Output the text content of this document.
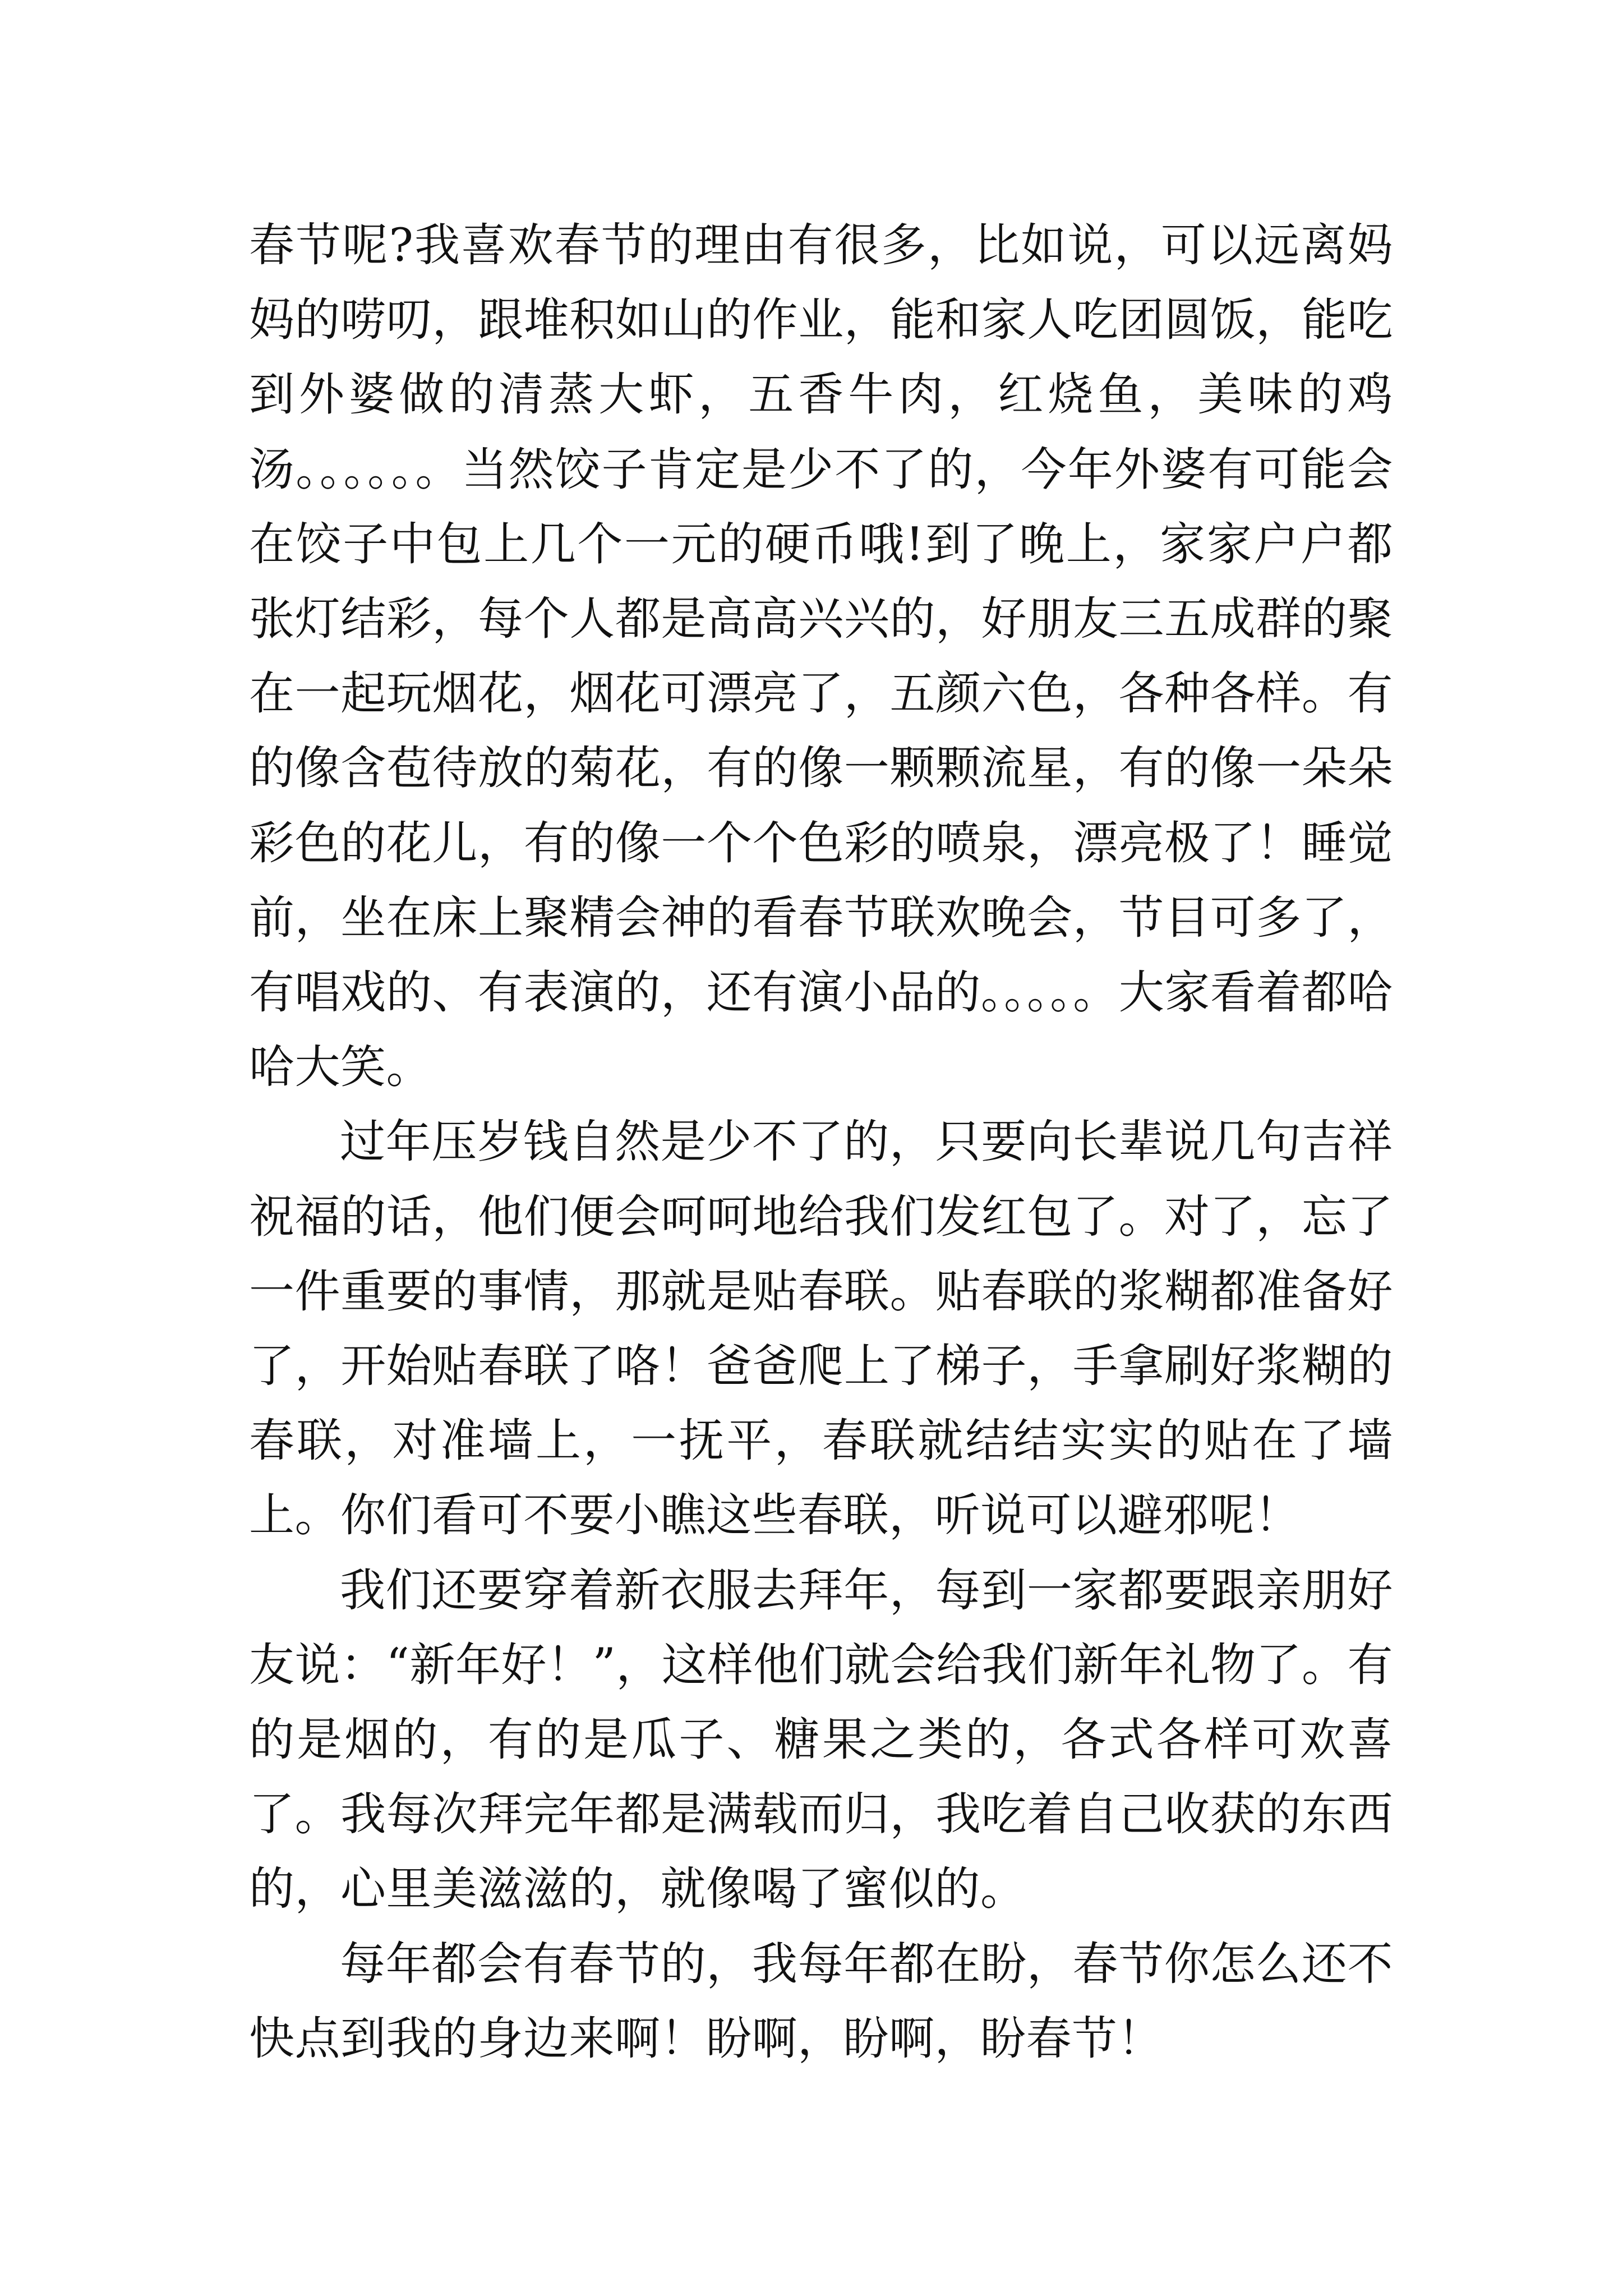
春节呢?我喜欢春节的理由有很多，比如说，可以远离妈妈的唠叨，跟堆积如山的作业，能和家人吃团圆饭，能吃到外婆做的清蒸大虾，五香牛肉，红烧鱼，美味的鸡汤。。。。。。当然饺子肯定是少不了的，今年外婆有可能会在饺子中包上几个一元的硬币哦!到了晚上，家家户户都张灯结彩，每个人都是高高兴兴的，好朋友三五成群的聚在一起玩烟花，烟花可漂亮了，五颜六色，各种各样。有的像含苞待放的菊花，有的像一颗颗流星，有的像一朵朵彩色的花儿，有的像一个个色彩的喷泉，漂亮极了！睡觉前，坐在床上聚精会神的看春节联欢晚会，节目可多了，有唱戏的、有表演的，还有演小品的。。。。。大家看着都哈哈大笑。

过年压岁钱自然是少不了的，只要向长辈说几句吉祥祝福的话，他们便会呵呵地给我们发红包了。对了，忘了一件重要的事情，那就是贴春联。贴春联的浆糊都准备好了，开始贴春联了咯！爸爸爬上了梯子，手拿刷好浆糊的春联，对准墙上，一抚平，春联就结结实实的贴在了墙上。你们看可不要小瞧这些春联，听说可以避邪呢！

我们还要穿着新衣服去拜年，每到一家都要跟亲朋好友说：“新年好！”，这样他们就会给我们新年礼物了。有的是烟的，有的是瓜子、糖果之类的，各式各样可欢喜了。我每次拜完年都是满载而归，我吃着自己收获的东西的，心里美滋滋的，就像喝了蜜似的。

每年都会有春节的，我每年都在盼，春节你怎么还不快点到我的身边来啊！盼啊，盼啊，盼春节！
